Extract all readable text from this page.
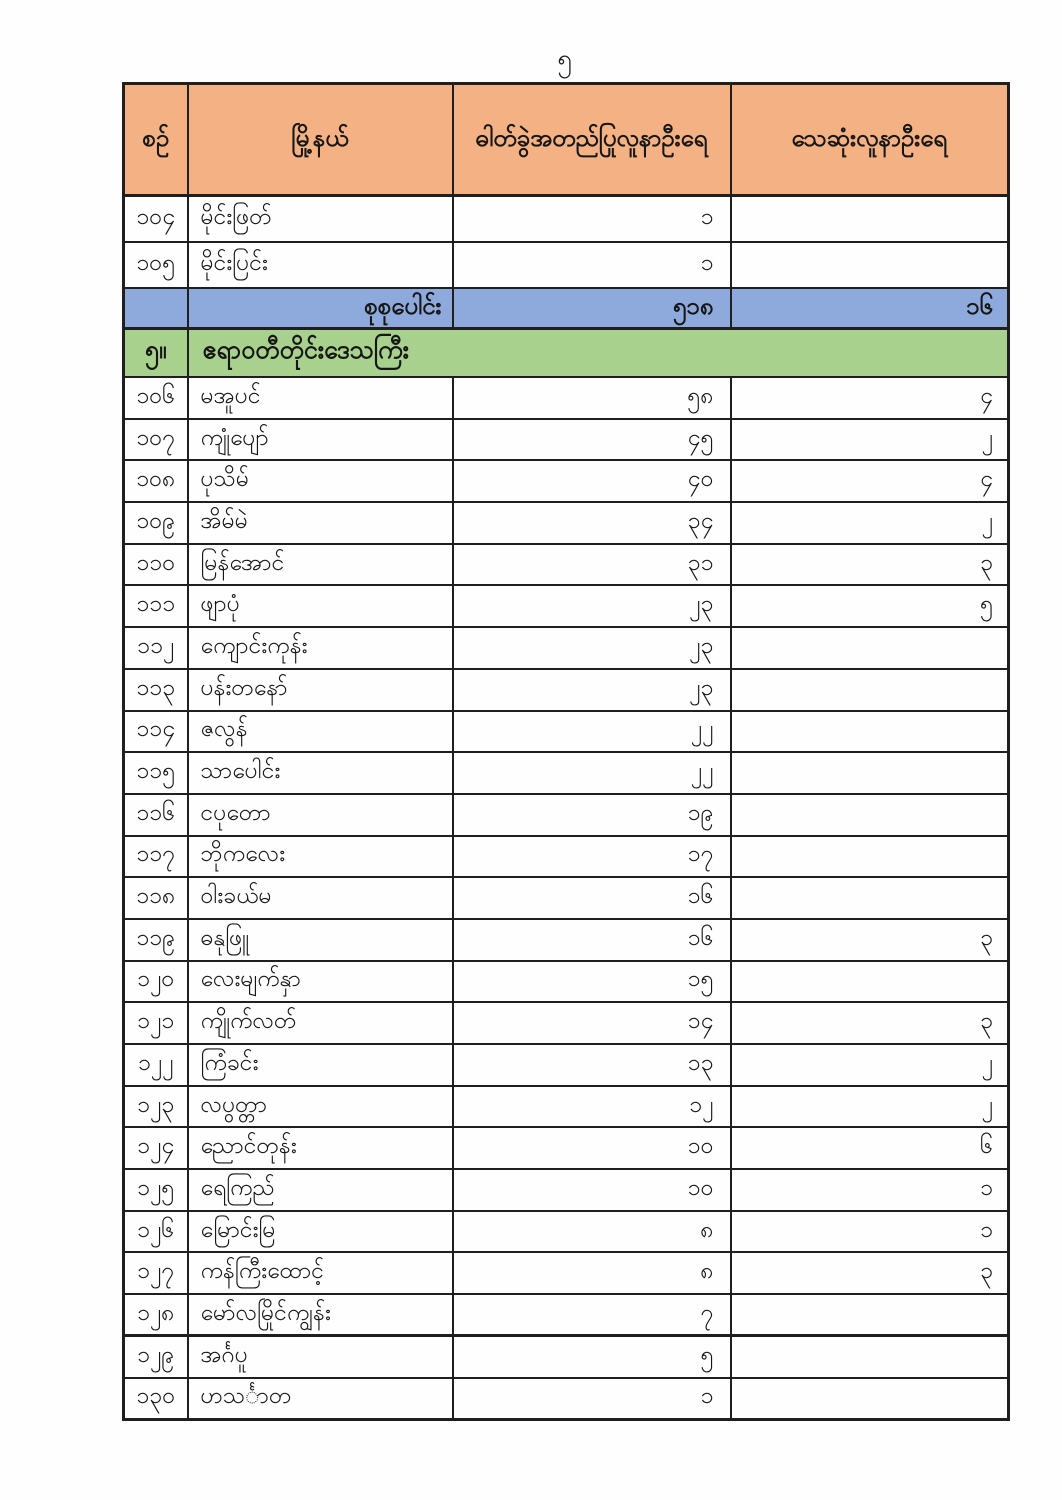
၅
စဉ်	မြို့နယ်	ဓါတ်ခွဲအတည်ပြုလူနာဦးရေ	သေဆုံးလူနာဦးရေ
၁၀၄	မိုင်းဖြတ်	၁	
၁၀၅	မိုင်းပြင်း	၁	
	စုစုပေါင်း	၅၁၈	၁၆
၅။	ဧရာဝတီတိုင်းဒေသကြီး		
၁၀၆	မအူပင်	၅၈	၄
၁၀၇	ကျုံပျော်	၄၅	၂
၁၀၈	ပုသိမ်	၄၀	၄
၁၀၉	အိမ်မဲ	၃၄	၂
၁၁၀	မြန်အောင်	၃၁	၃
၁၁၁	ဖျာပုံ	၂၃	၅
၁၁၂	ကျောင်းကုန်း	၂၃	
၁၁၃	ပန်းတနော်	၂၃	
၁၁၄	ဇလွန်	၂၂	
၁၁၅	သာပေါင်း	၂၂	
၁၁၆	ငပုတော	၁၉	
၁၁၇	ဘိုကလေး	၁၇	
၁၁၈	ဝါးခယ်မ	၁၆	
၁၁၉	ဓနုဖြူ	၁၆	၃
၁၂၀	လေးမျက်နှာ	၁၅	
၁၂၁	ကျိုက်လတ်	၁၄	၃
၁၂၂	ကြံခင်း	၁၃	၂
၁၂၃	လပွတ္တာ	၁၂	၂
၁၂၄	ညောင်တုန်း	၁၀	၆
၁၂၅	ရေကြည်	၁၀	၁
၁၂၆	မြောင်းမြ	၈	၁
၁၂၇	ကန်ကြီးထောင့်	၈	၃
၁၂၈	မော်လမြိုင်ကျွန်း	၇	
၁၂၉	အင်္ဂပူ	၅	
၁၃၀	ဟသင်္ာတ	၁	
